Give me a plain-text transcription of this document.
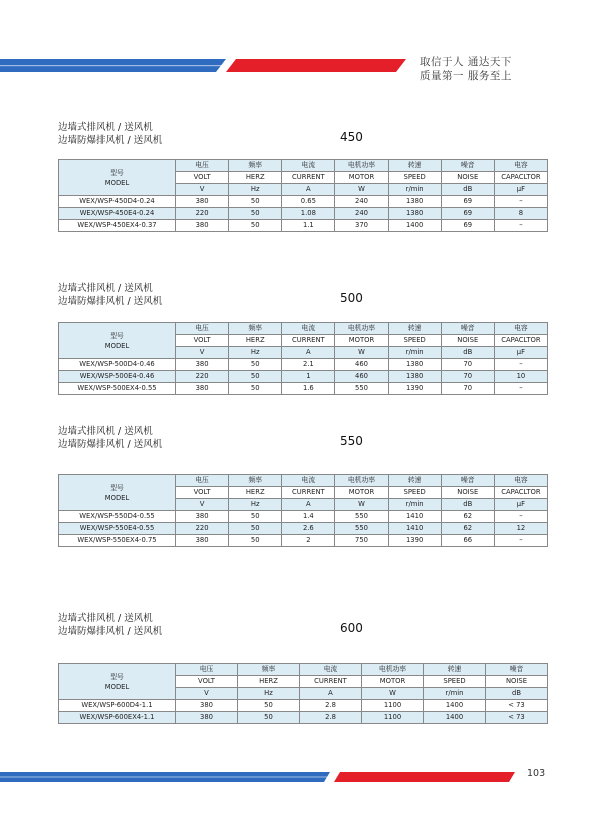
取信于人 通达天下
质量第一 服务至上
边墙式排风机 / 送风机
边墙防爆排风机 / 送风机	450
型号
MODEL	电压	频率	电流	电机功率	转速	噪音	电容
	VOLT	HERZ	CURRENT	MOTOR	SPEED	NOISE	CAPACLTOR
	V	Hz	A	W	r/min	dB	μF
WEX/WSP-450D4-0.24	380	50	0.65	240	1380	69	–
WEX/WSP-450E4-0.24	220	50	1.08	240	1380	69	8
WEX/WSP-450EX4-0.37	380	50	1.1	370	1400	69	–
边墙式排风机 / 送风机
边墙防爆排风机 / 送风机	500
型号
MODEL	电压	频率	电流	电机功率	转速	噪音	电容
	VOLT	HERZ	CURRENT	MOTOR	SPEED	NOISE	CAPACLTOR
	V	Hz	A	W	r/min	dB	μF
WEX/WSP-500D4-0.46	380	50	2.1	460	1380	70	–
WEX/WSP-500E4-0.46	220	50	1	460	1380	70	10
WEX/WSP-500EX4-0.55	380	50	1.6	550	1390	70	–
边墙式排风机 / 送风机
边墙防爆排风机 / 送风机	550
型号
MODEL	电压	频率	电流	电机功率	转速	噪音	电容
	VOLT	HERZ	CURRENT	MOTOR	SPEED	NOISE	CAPACLTOR
	V	Hz	A	W	r/min	dB	μF
WEX/WSP-550D4-0.55	380	50	1.4	550	1410	62	–
WEX/WSP-550E4-0.55	220	50	2.6	550	1410	62	12
WEX/WSP-550EX4-0.75	380	50	2	750	1390	66	–
边墙式排风机 / 送风机
边墙防爆排风机 / 送风机	600
型号
MODEL	电压	频率	电流	电机功率	转速	噪音
	VOLT	HERZ	CURRENT	MOTOR	SPEED	NOISE
	V	Hz	A	W	r/min	dB
WEX/WSP-600D4-1.1	380	50	2.8	1100	1400	< 73
WEX/WSP-600EX4-1.1	380	50	2.8	1100	1400	< 73
103
